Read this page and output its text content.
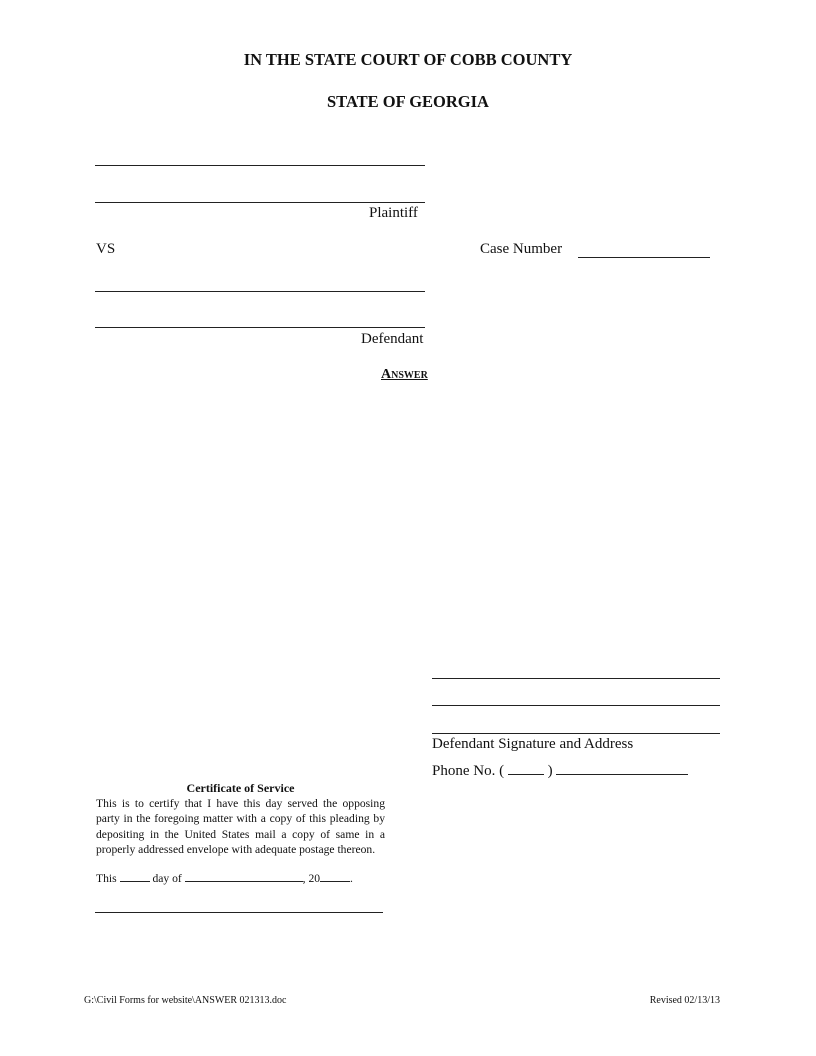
IN THE STATE COURT OF COBB COUNTY
STATE OF GEORGIA
Plaintiff
VS	Case Number
Defendant
Answer
Defendant Signature and Address
Phone No. (	)
Certificate of Service
This is to certify that I have this day served the opposing party in the foregoing matter with a copy of this pleading by depositing in the United States mail a copy of same in a properly addressed envelope with adequate postage thereon.
This	day of	, 20	.
G:\Civil Forms for website\ANSWER 021313.doc	Revised 02/13/13
